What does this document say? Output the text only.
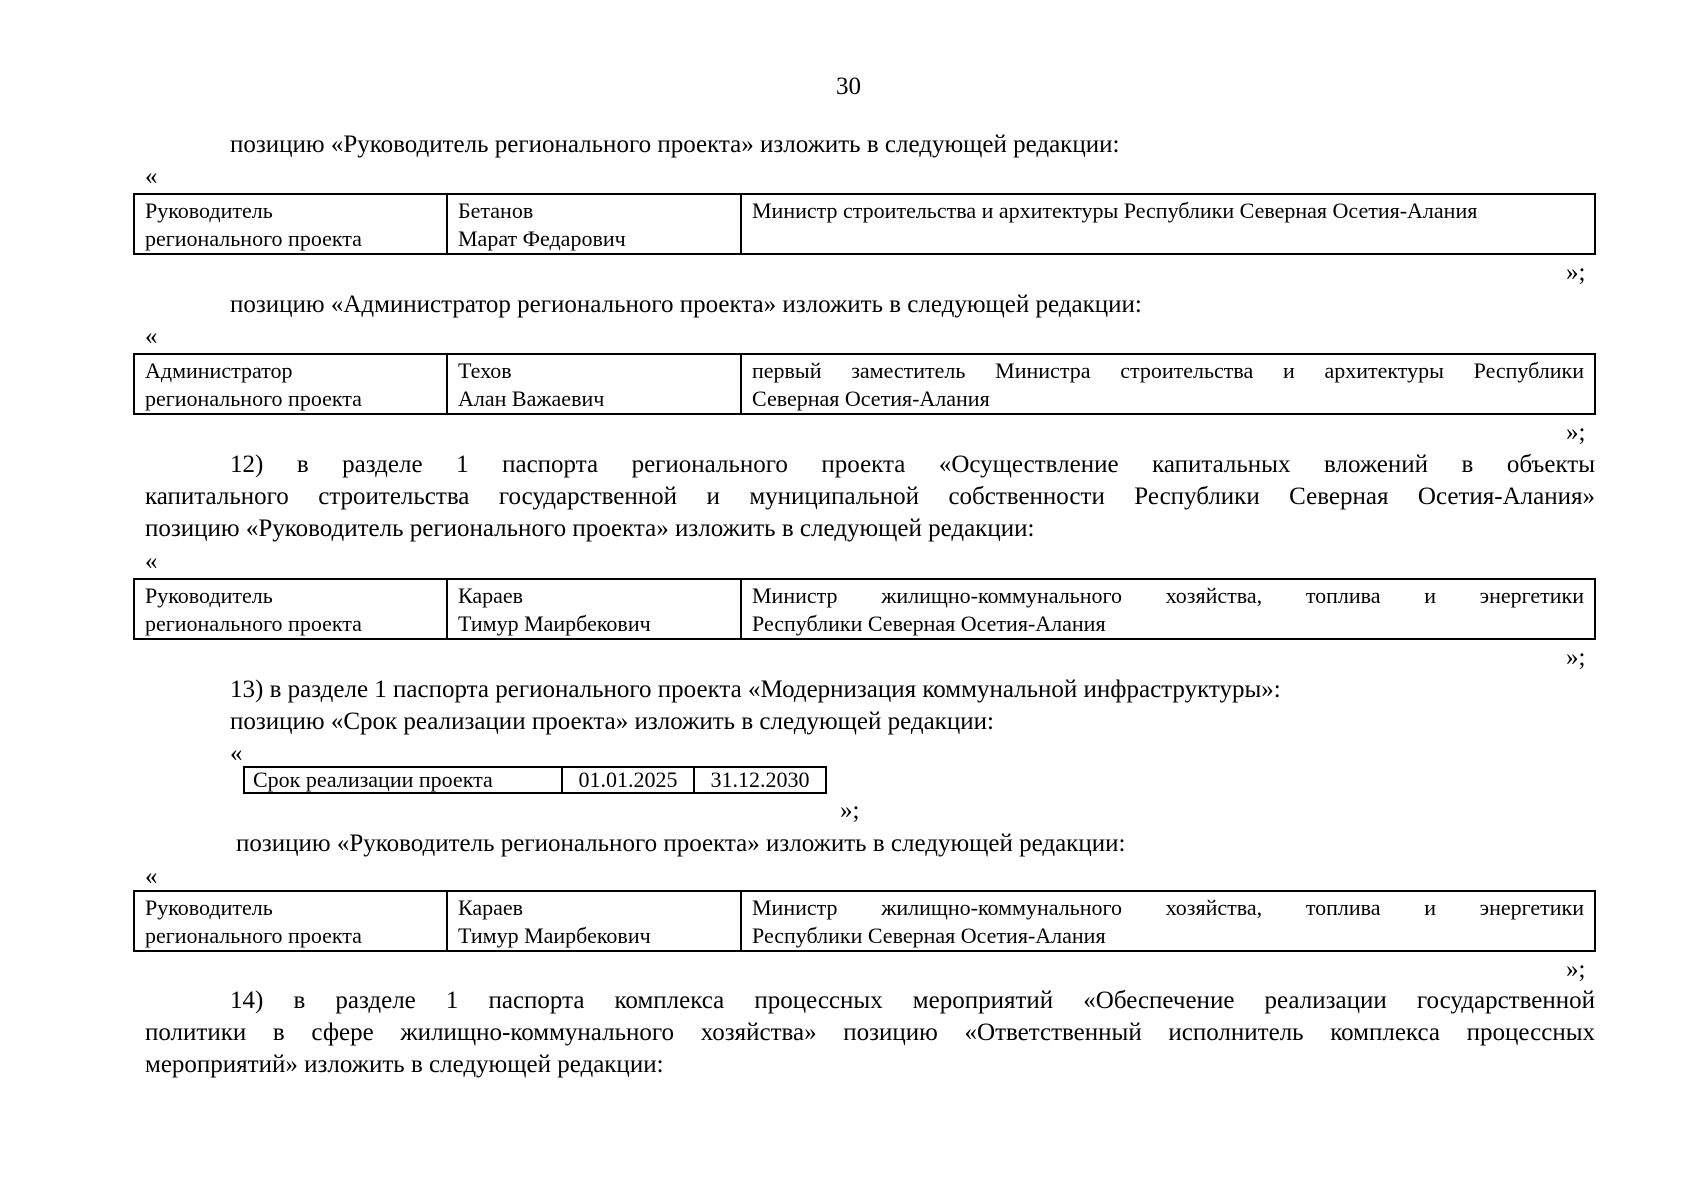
30
позицию «Руководитель регионального проекта» изложить в следующей редакции:
«
Руководитель
регионального проекта

Бетанов
Марат Федарович

Министр строительства и архитектуры Республики Северная Осетия-Алания
»;
позицию «Администратор регионального проекта» изложить в следующей редакции:
«
Администратор
регионального проекта

Техов
Алан Важаевич

первый заместитель Министра строительства и архитектуры Республики
Северная Осетия-Алания
»;
12) в разделе 1 паспорта регионального проекта «Осуществление капитальных вложений в объекты
капитального строительства государственной и муниципальной собственности Республики Северная Осетия-Алания»
позицию «Руководитель регионального проекта» изложить в следующей редакции:
«
Руководитель
регионального проекта

Караев
Тимур Маирбекович

Министр жилищно-коммунального хозяйства, топлива и энергетики
Республики Северная Осетия-Алания
»;
13) в разделе 1 паспорта регионального проекта «Модернизация коммунальной инфраструктуры»:
позицию «Срок реализации проекта» изложить в следующей редакции:
«
Срок реализации проекта	01.01.2025	31.12.2030
»;
позицию «Руководитель регионального проекта» изложить в следующей редакции:
«
Руководитель
регионального проекта

Караев
Тимур Маирбекович

Министр жилищно-коммунального хозяйства, топлива и энергетики
Республики Северная Осетия-Алания
»;
14) в разделе 1 паспорта комплекса процессных мероприятий «Обеспечение реализации государственной
политики в сфере жилищно-коммунального хозяйства» позицию «Ответственный исполнитель комплекса процессных
мероприятий» изложить в следующей редакции:
